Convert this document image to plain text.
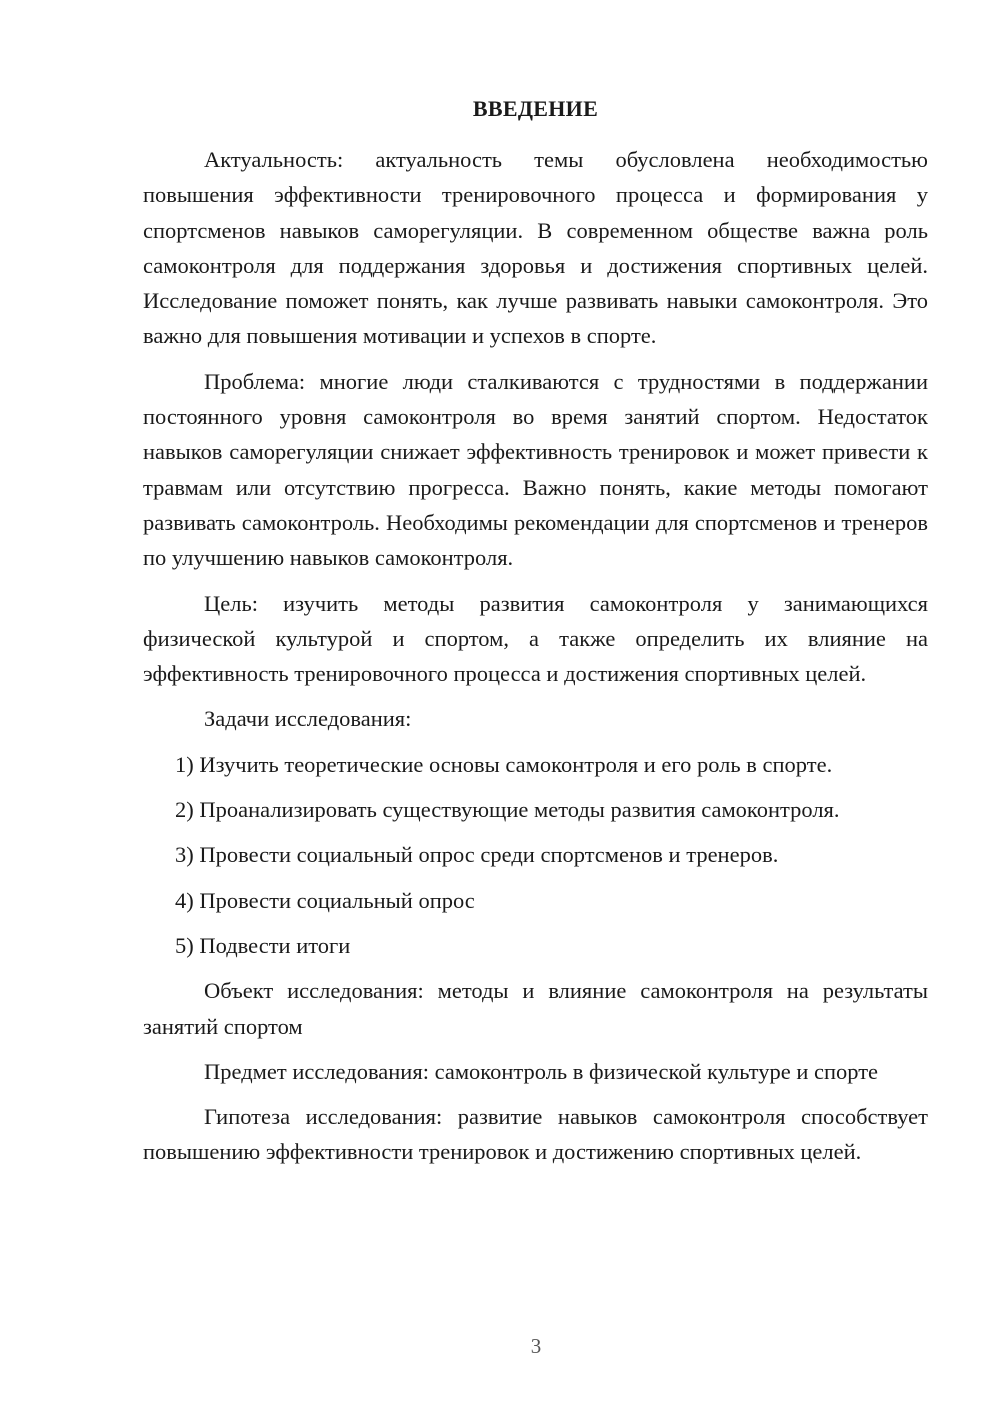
ВВЕДЕНИЕ

Актуальность: актуальность темы обусловлена необходимостью повышения эффективности тренировочного процесса и формирования у спортсменов навыков саморегуляции. В современном обществе важна роль самоконтроля для поддержания здоровья и достижения спортивных целей. Исследование поможет понять, как лучше развивать навыки самоконтроля. Это важно для повышения мотивации и успехов в спорте.

Проблема: многие люди сталкиваются с трудностями в поддержании постоянного уровня самоконтроля во время занятий спортом. Недостаток навыков саморегуляции снижает эффективность тренировок и может привести к травмам или отсутствию прогресса. Важно понять, какие методы помогают развивать самоконтроль. Необходимы рекомендации для спортсменов и тренеров по улучшению навыков самоконтроля.

Цель: изучить методы развития самоконтроля у занимающихся физической культурой и спортом, а также определить их влияние на эффективность тренировочного процесса и достижения спортивных целей.

Задачи исследования:

1) Изучить теоретические основы самоконтроля и его роль в спорте.
2) Проанализировать существующие методы развития самоконтроля.
3) Провести социальный опрос среди спортсменов и тренеров.
4) Провести социальный опрос
5) Подвести итоги

Объект исследования: методы и влияние самоконтроля на результаты занятий спортом

Предмет исследования: самоконтроль в физической культуре и спорте

Гипотеза исследования: развитие навыков самоконтроля способствует повышению эффективности тренировок и достижению спортивных целей.

3
